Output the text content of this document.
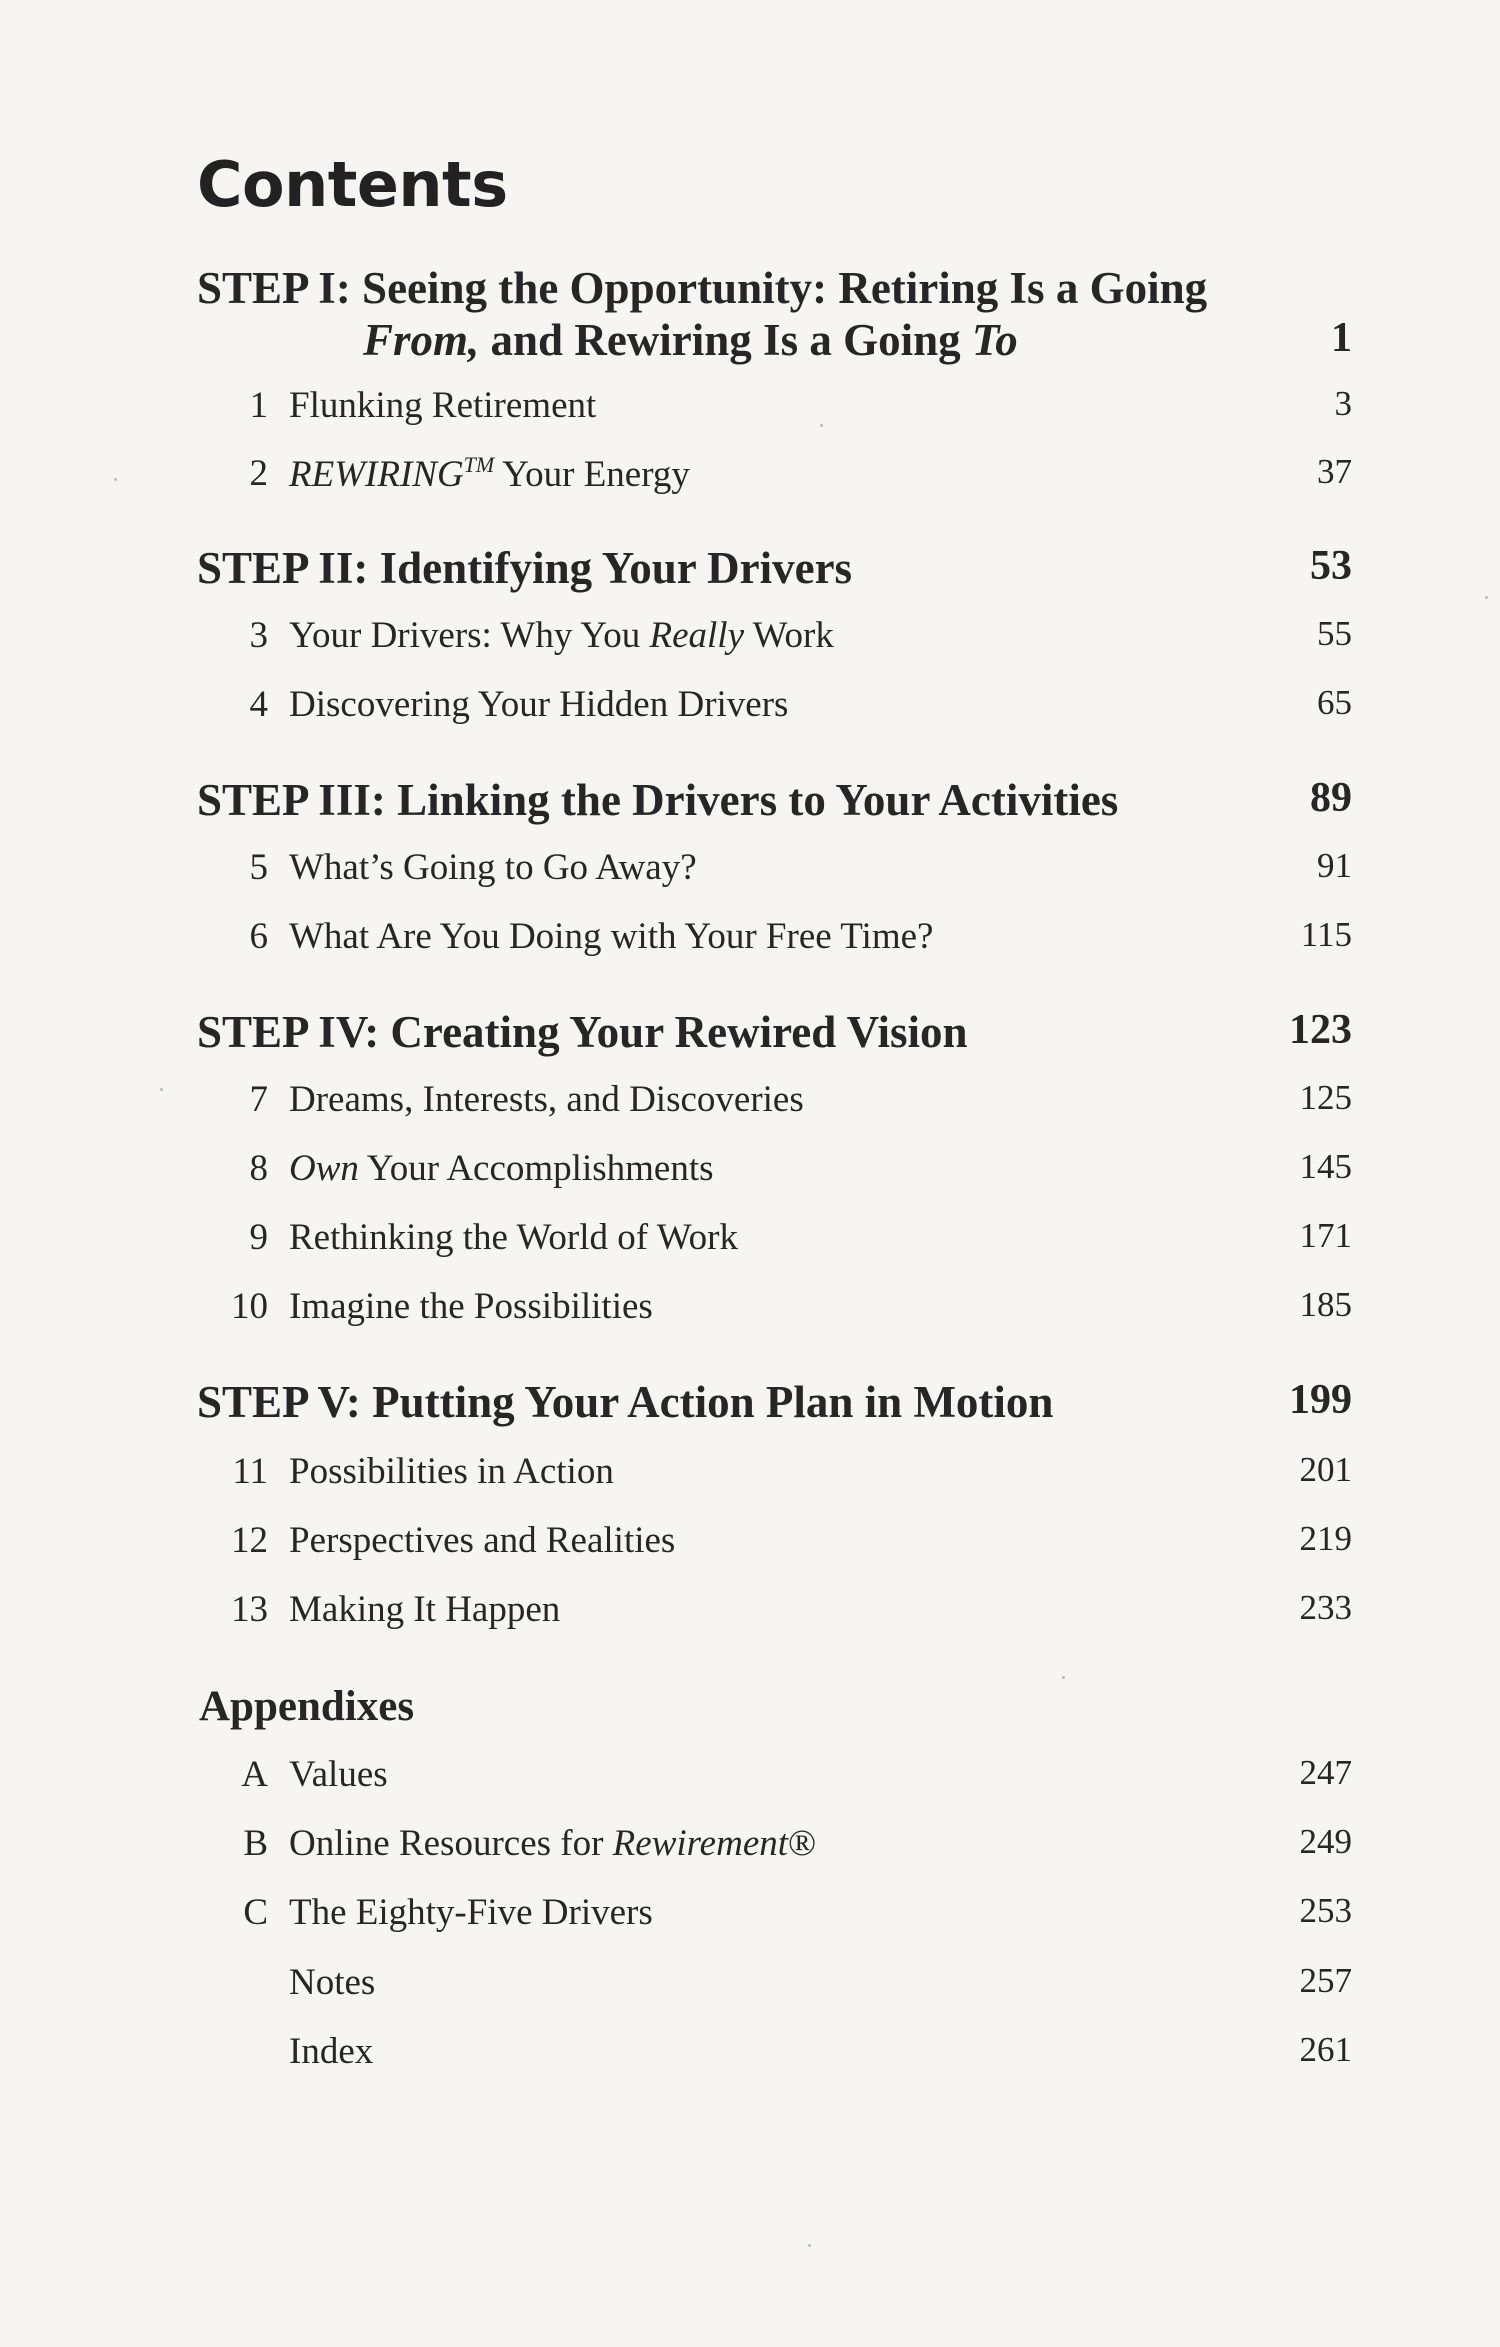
Contents
STEP I: Seeing the Opportunity: Retiring Is a Going
From, and Rewiring Is a Going To	1
1 Flunking Retirement	3
2 REWIRING™ Your Energy	37
STEP II: Identifying Your Drivers	53
3 Your Drivers: Why You Really Work	55
4 Discovering Your Hidden Drivers	65
STEP III: Linking the Drivers to Your Activities	89
5 What’s Going to Go Away?	91
6 What Are You Doing with Your Free Time?	115
STEP IV: Creating Your Rewired Vision	123
7 Dreams, Interests, and Discoveries	125
8 Own Your Accomplishments	145
9 Rethinking the World of Work	171
10 Imagine the Possibilities	185
STEP V: Putting Your Action Plan in Motion	199
11 Possibilities in Action	201
12 Perspectives and Realities	219
13 Making It Happen	233
Appendixes
A Values	247
B Online Resources for Rewirement®	249
C The Eighty-Five Drivers	253
Notes	257
Index	261
